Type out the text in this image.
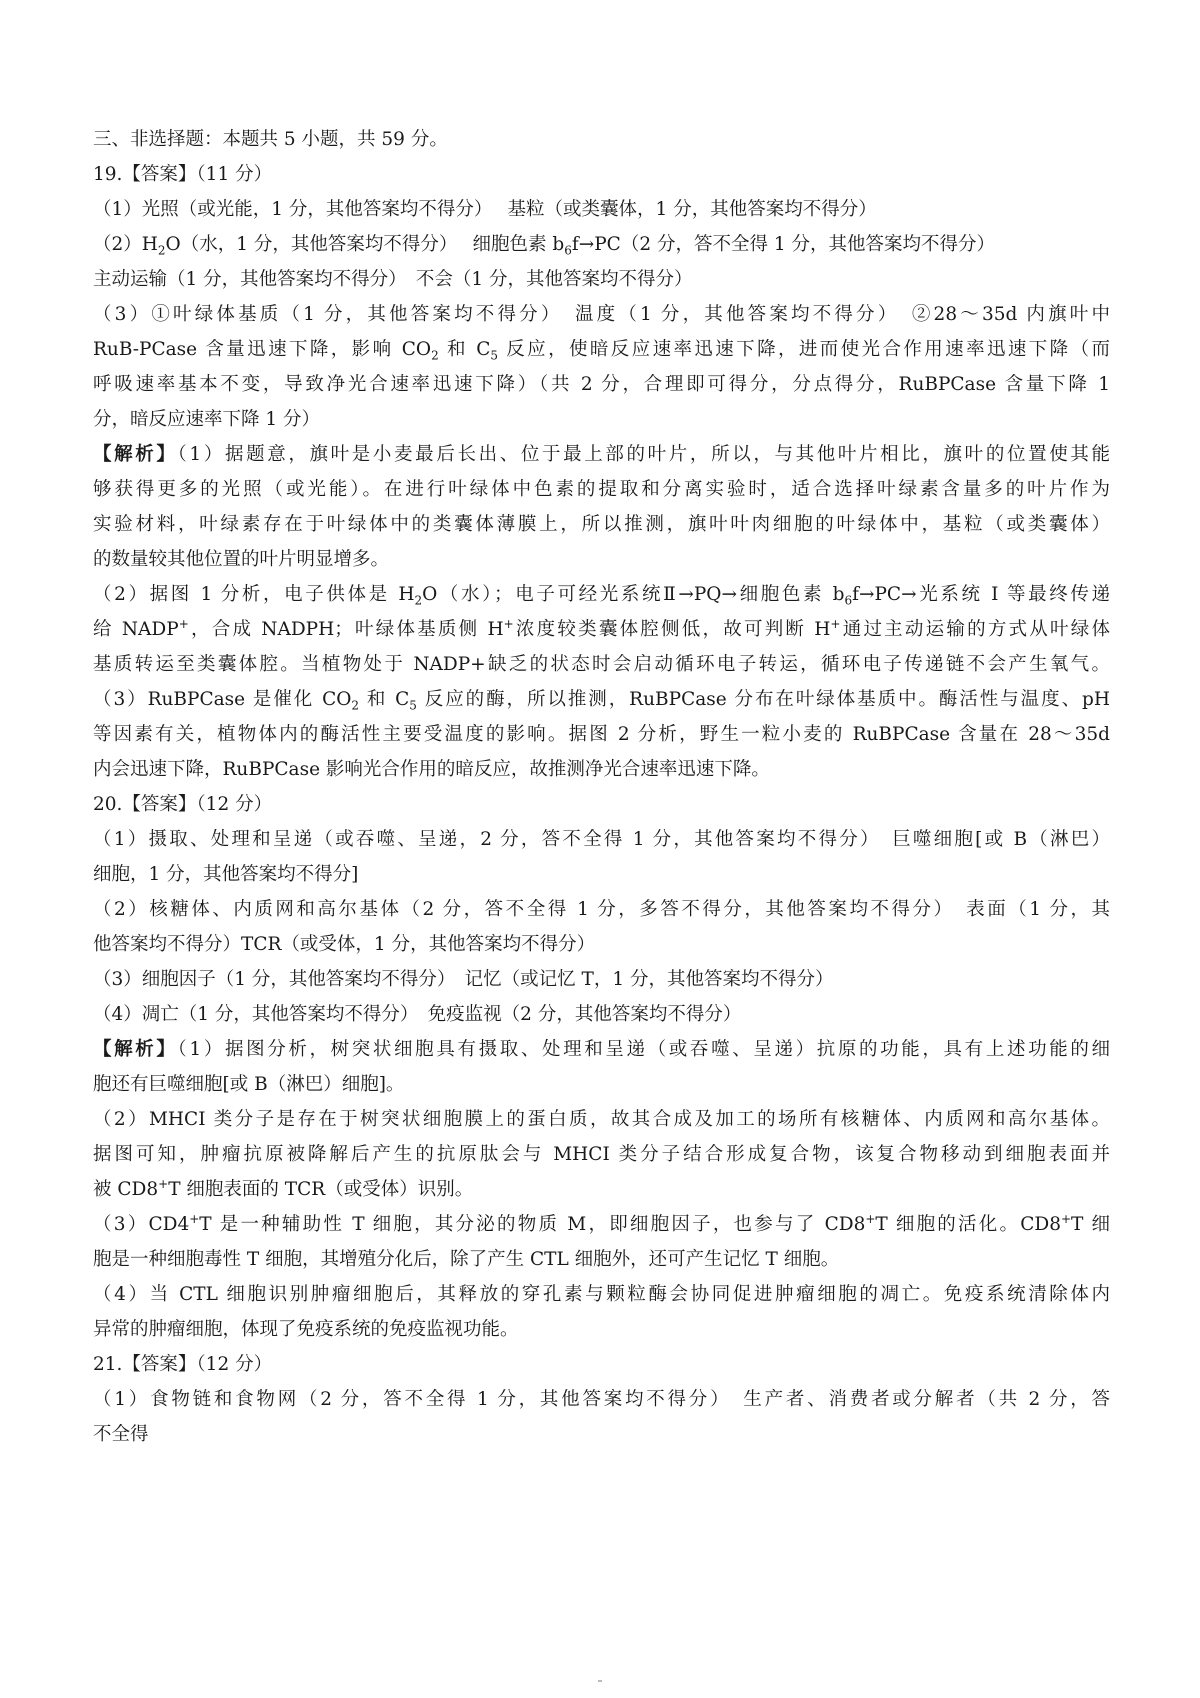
三、非选择题：本题共 5 小题，共 59 分。
19.【答案】（11 分）
（1）光照（或光能，1 分，其他答案均不得分）　 基粒（或类囊体，1 分，其他答案均不得分）
$(2)H_2O$（水，1 分，其他答案均不得分）　 细胞色素 $b_6f\to PC(2$ 分，答不全得 1 分，其他答案均不得分）
主动运输（1 分，其他答案均不得分）　不会（1 分，其他答案均不得分）
（3）①叶绿体基质（1 分，其他答案均不得分）　温度（1 分，其他答案均不得分）　②28～35d 内旗叶中
RuB-PCase 含量迅速下降，影响 $CO_2$ 和 $C_5$ 反应，使暗反应速率迅速下降，进而使光合作用速率迅速下降（而
呼吸速率基本不变，导致净光合速率迅速下降）（共 2 分，合理即可得分，分点得分，RuBPCase 含量下降 1
分，暗反应速率下降 1 分）
【解析】（1）据题意，旗叶是小麦最后长出、位于最上部的叶片，所以，与其他叶片相比，旗叶的位置使其能
够获得更多的光照（或光能）。在进行叶绿体中色素的提取和分离实验时，适合选择叶绿素含量多的叶片作为
实验材料，叶绿素存在于叶绿体中的类囊体薄膜上，所以推测，旗叶叶肉细胞的叶绿体中，基粒（或类囊体）
的数量较其他位置的叶片明显增多。
（2）据图 1 分析，电子供体是 $H_2O$（水）；电子可经光系统Ⅱ→PQ→细胞色素 $b_6f\to PC\to$光系统 I 等最终传递
给 NADP+，合成 NADPH；叶绿体基质侧 H+浓度较类囊体腔侧低，故可判断 H+通过主动运输的方式从叶绿体
基质转运至类囊体腔。当植物处于 NADP+缺乏的状态时会启动循环电子转运，循环电子传递链不会产生氧气。
（3）RuBPCase 是催化 $CO_2$ 和 $C_5$ 反应的酶，所以推测，RuBPCase 分布在叶绿体基质中。酶活性与温度、pH
等因素有关，植物体内的酶活性主要受温度的影响。据图 2 分析，野生一粒小麦的 RuBPCase 含量在 28～35d
内会迅速下降，RuBPCase 影响光合作用的暗反应，故推测净光合速率迅速下降。
20.【答案】（12 分）
（1）摄取、处理和呈递（或吞噬、呈递，2 分，答不全得 1 分，其他答案均不得分）　巨噬细胞[或 B（淋巴）
细胞，1 分，其他答案均不得分]
（2）核糖体、内质网和高尔基体（2 分，答不全得 1 分，多答不得分，其他答案均不得分）　表面（1 分，其
他答案均不得分）TCR（或受体，1 分，其他答案均不得分）
（3）细胞因子（1 分，其他答案均不得分）　记忆（或记忆 T，1 分，其他答案均不得分）
（4）凋亡（1 分，其他答案均不得分）　免疫监视（2 分，其他答案均不得分）
【解析】（1）据图分析，树突状细胞具有摄取、处理和呈递（或吞噬、呈递）抗原的功能，具有上述功能的细
胞还有巨噬细胞[或 B（淋巴）细胞]。
（2）MHCI 类分子是存在于树突状细胞膜上的蛋白质，故其合成及加工的场所有核糖体、内质网和高尔基体。
据图可知，肿瘤抗原被降解后产生的抗原肽会与 MHCI 类分子结合形成复合物，该复合物移动到细胞表面并
被 CD8+T 细胞表面的 TCR（或受体）识别。
（3）CD4+T 是一种辅助性 T 细胞，其分泌的物质 M，即细胞因子，也参与了 CD8+T 细胞的活化。CD8+T 细
胞是一种细胞毒性 T 细胞，其增殖分化后，除了产生 CTL 细胞外，还可产生记忆 T 细胞。
（4）当 CTL 细胞识别肿瘤细胞后，其释放的穿孔素与颗粒酶会协同促进肿瘤细胞的凋亡。免疫系统清除体内
异常的肿瘤细胞，体现了免疫系统的免疫监视功能。
21.【答案】（12 分）
（1）食物链和食物网（2 分，答不全得 1 分，其他答案均不得分）　生产者、消费者或分解者（共 2 分，答
不全得
